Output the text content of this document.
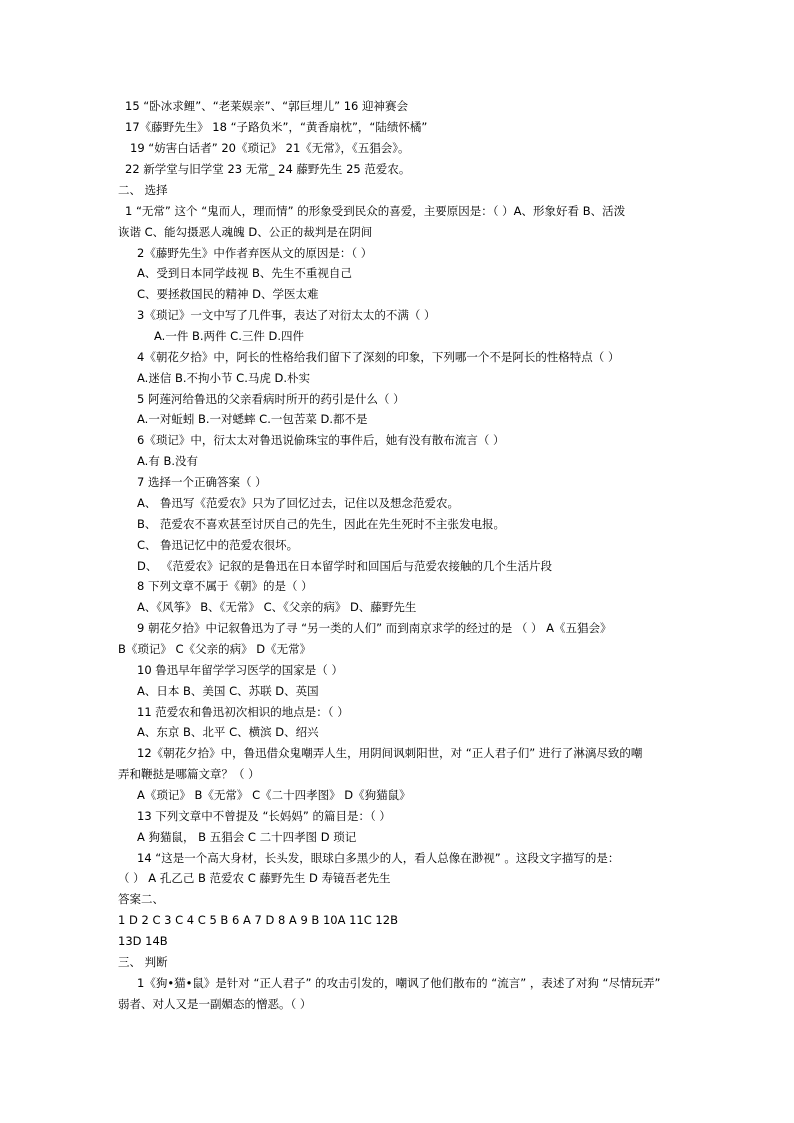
15 “卧冰求鲤”、“老莱娱亲”、“郭巨埋儿” 16 迎神赛会
17《藤野先生》 18 “子路负米”，“黄香扇枕”，“陆绩怀橘”
19 “妨害白话者” 20《琐记》 21《无常》，《五猖会》。
22 新学堂与旧学堂 23 无常_ 24 藤野先生 25 范爱农。
二、 选择
1 “无常” 这个 “鬼而人，理而情” 的形象受到民众的喜爱，主要原因是：（ ）A、形象好看 B、活泼
诙谐 C、能勾摄恶人魂魄 D、公正的裁判是在阴间
2《藤野先生》中作者弃医从文的原因是：（ ）
A、受到日本同学歧视 B、先生不重视自己
C、要拯救国民的精神 D、学医太难
3《琐记》一文中写了几件事，表达了对衍太太的不满（ ）
A.一件 B.两件 C.三件 D.四件
4《朝花夕拾》中，阿长的性格给我们留下了深刻的印象，下列哪一个不是阿长的性格特点（ ）
A.迷信 B.不拘小节 C.马虎 D.朴实
5 阿莲河给鲁迅的父亲看病时所开的药引是什么（ ）
A.一对蚯蚓 B.一对蟋蟀 C.一包苦菜 D.都不是
6《琐记》中，衍太太对鲁迅说偷珠宝的事件后，她有没有散布流言（ ）
A.有 B.没有
7 选择一个正确答案（ ）
A、 鲁迅写《范爱农》只为了回忆过去，记住以及想念范爱农。
B、 范爱农不喜欢甚至讨厌自己的先生，因此在先生死时不主张发电报。
C、 鲁迅记忆中的范爱农很坏。
D、 《范爱农》记叙的是鲁迅在日本留学时和回国后与范爱农接触的几个生活片段
8 下列文章不属于《朝》的是（ ）
A、《风筝》 B、《无常》 C、《父亲的病》 D、藤野先生
9 朝花夕拾》中记叙鲁迅为了寻 “另一类的人们” 而到南京求学的经过的是 （ ） A《五猖会》
B《琐记》 C《父亲的病》 D《无常》
10 鲁迅早年留学学习医学的国家是（ ）
A、日本 B、美国 C、苏联 D、英国
11 范爱农和鲁迅初次相识的地点是：（ ）
A、东京 B、北平 C、横滨 D、绍兴
12《朝花夕拾》中，鲁迅借众鬼嘲弄人生，用阴间讽刺阳世，对 “正人君子们” 进行了淋漓尽致的嘲
弄和鞭挞是哪篇文章？（ ）
A《琐记》 B《无常》 C《二十四孝图》 D《狗猫鼠》
13 下列文章中不曾提及 “长妈妈” 的篇目是：（ ）
A 狗猫鼠， B 五猖会 C 二十四孝图 D 琐记
14 “这是一个高大身材，长头发，眼球白多黑少的人，看人总像在渺视” 。这段文字描写的是：
（ ） A 孔乙己 B 范爱农 C 藤野先生 D 寿镜吾老先生
答案二、
1 D 2 C 3 C 4 C 5 B 6 A 7 D 8 A 9 B 10A 11C 12B
13D 14B
三、 判断
1《狗•猫•鼠》是针对 “正人君子” 的攻击引发的，嘲讽了他们散布的 “流言” ，表述了对狗 “尽情玩弄”
弱者、对人又是一副媚态的憎恶。（ ）
